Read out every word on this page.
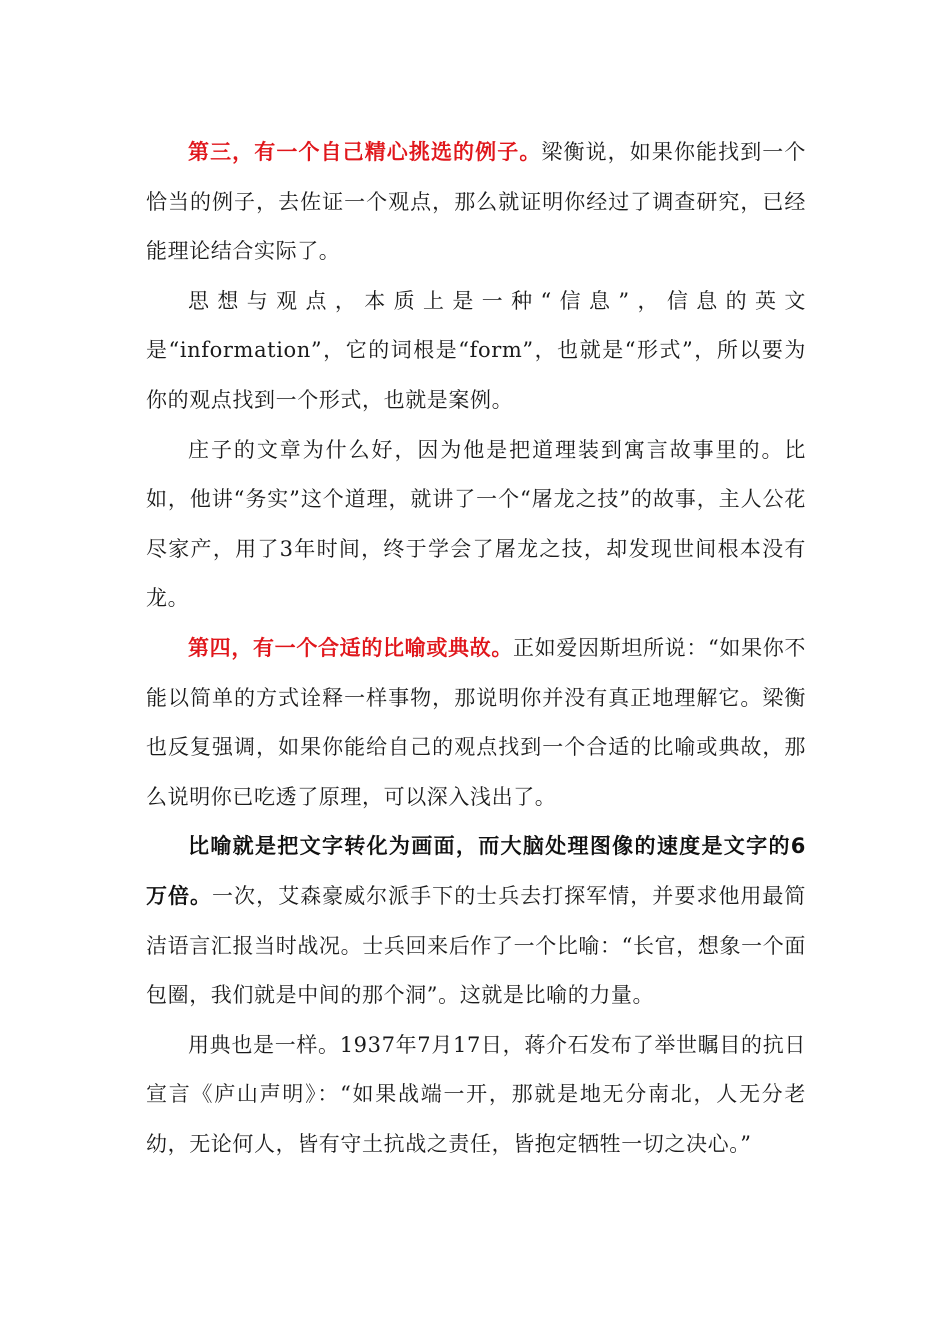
第三，有一个自己精心挑选的例子。梁衡说，如果你能找到一个恰当的例子，去佐证一个观点，那么就证明你经过了调查研究，已经能理论结合实际了。

思想与观点，本质上是一种“信息”，信息的英文是“information”，它的词根是“form”，也就是“形式”，所以要为你的观点找到一个形式，也就是案例。

庄子的文章为什么好，因为他是把道理装到寓言故事里的。比如，他讲“务实”这个道理，就讲了一个“屠龙之技”的故事，主人公花尽家产，用了3年时间，终于学会了屠龙之技，却发现世间根本没有龙。

第四，有一个合适的比喻或典故。正如爱因斯坦所说：“如果你不能以简单的方式诠释一样事物，那说明你并没有真正地理解它。梁衡也反复强调，如果你能给自己的观点找到一个合适的比喻或典故，那么说明你已吃透了原理，可以深入浅出了。

比喻就是把文字转化为画面，而大脑处理图像的速度是文字的6万倍。一次，艾森豪威尔派手下的士兵去打探军情，并要求他用最简洁语言汇报当时战况。士兵回来后作了一个比喻：“长官，想象一个面包圈，我们就是中间的那个洞”。这就是比喻的力量。

用典也是一样。1937年7月17日，蒋介石发布了举世瞩目的抗日宣言《庐山声明》：“如果战端一开，那就是地无分南北，人无分老幼，无论何人，皆有守土抗战之责任，皆抱定牺牲一切之决心。”
